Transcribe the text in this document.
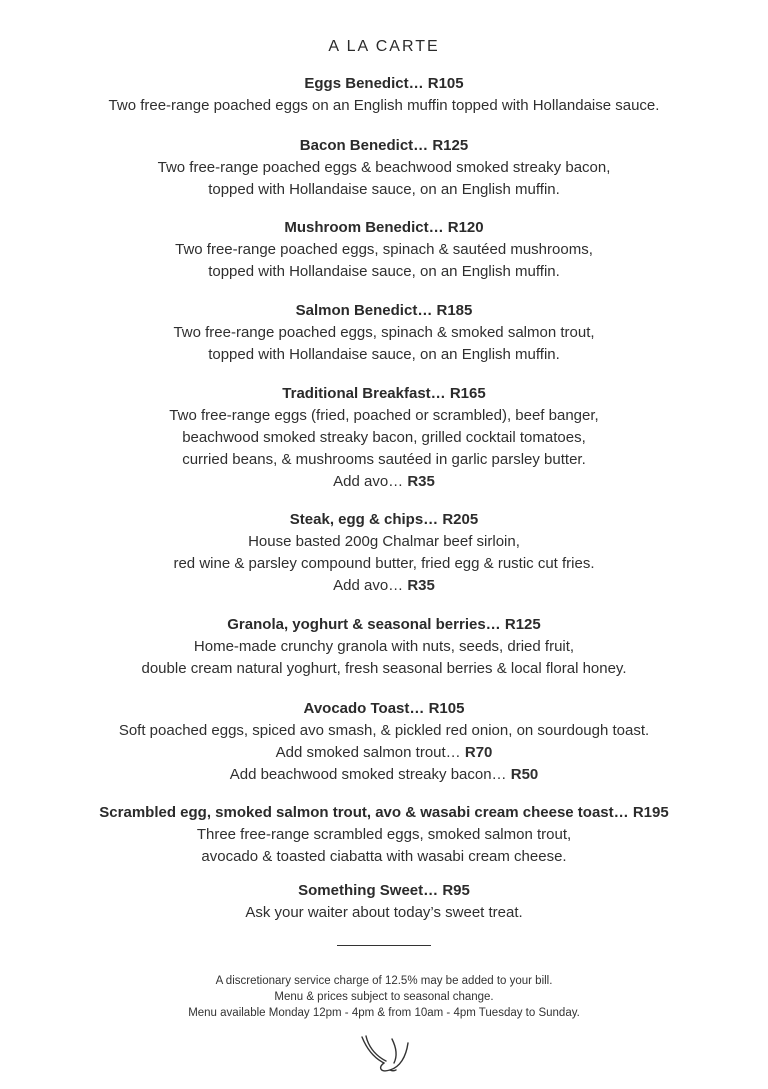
A LA CARTE
Eggs Benedict… R105
Two free-range poached eggs on an English muffin topped with Hollandaise sauce.
Bacon Benedict… R125
Two free-range poached eggs & beachwood smoked streaky bacon,
topped with Hollandaise sauce, on an English muffin.
Mushroom Benedict… R120
Two free-range poached eggs, spinach & sautéed mushrooms,
topped with Hollandaise sauce, on an English muffin.
Salmon Benedict… R185
Two free-range poached eggs, spinach & smoked salmon trout,
topped with Hollandaise sauce, on an English muffin.
Traditional Breakfast… R165
Two free-range eggs (fried, poached or scrambled), beef banger,
beachwood smoked streaky bacon, grilled cocktail tomatoes,
curried beans, & mushrooms sautéed in garlic parsley butter.
Add avo… R35
Steak, egg & chips… R205
House basted 200g Chalmar beef sirloin,
red wine & parsley compound butter, fried egg & rustic cut fries.
Add avo… R35
Granola, yoghurt & seasonal berries… R125
Home-made crunchy granola with nuts, seeds, dried fruit,
double cream natural yoghurt, fresh seasonal berries & local floral honey.
Avocado Toast… R105
Soft poached eggs, spiced avo smash, & pickled red onion, on sourdough toast.
Add smoked salmon trout… R70
Add beachwood smoked streaky bacon… R50
Scrambled egg, smoked salmon trout, avo & wasabi cream cheese toast… R195
Three free-range scrambled eggs, smoked salmon trout,
avocado & toasted ciabatta with wasabi cream cheese.
Something Sweet… R95
Ask your waiter about today’s sweet treat.
A discretionary service charge of 12.5% may be added to your bill.
Menu & prices subject to seasonal change.
Menu available Monday 12pm - 4pm & from 10am - 4pm Tuesday to Sunday.
